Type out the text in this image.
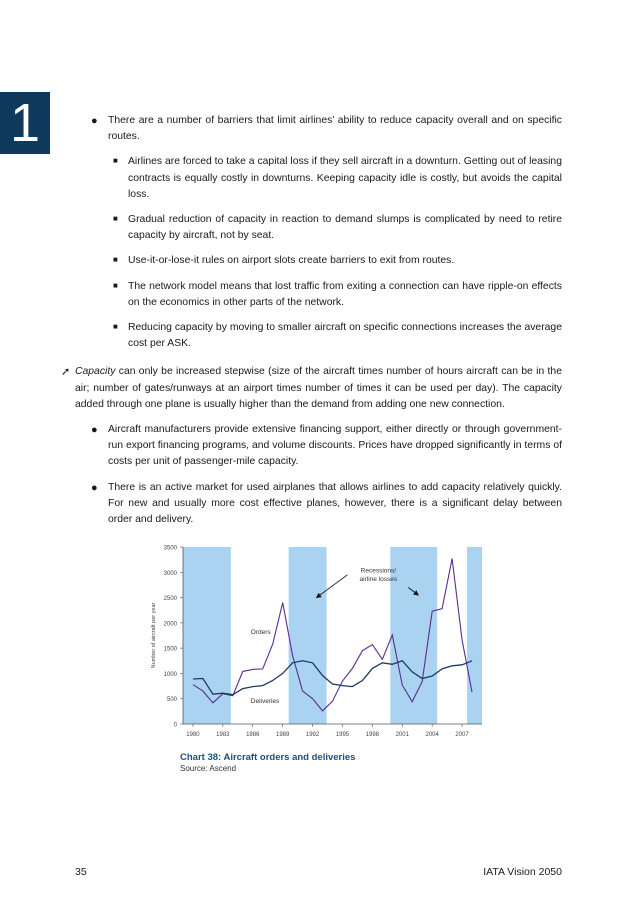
1	● There are a number of barriers that limit airlines’ ability to reduce capacity overall and on specific routes.

■ Airlines are forced to take a capital loss if they sell aircraft in a downturn. Getting out of leasing contracts is equally costly in downturns. Keeping capacity idle is costly, but avoids the capital loss.

■ Gradual reduction of capacity in reaction to demand slumps is complicated by need to retire capacity by aircraft, not by seat.

■ Use-it-or-lose-it rules on airport slots create barriers to exit from routes.

■ The network model means that lost traffic from exiting a connection can have ripple-on effects on the economics in other parts of the network.

■ Reducing capacity by moving to smaller aircraft on specific connections increases the average cost per ASK.

➚ Capacity can only be increased stepwise (size of the aircraft times number of hours aircraft can be in the air; number of gates/runways at an airport times number of times it can be used per day). The capacity added through one plane is usually higher than the demand from adding one new connection.

● Aircraft manufacturers provide extensive financing support, either directly or through government-run export financing programs, and volume discounts. Prices have dropped significantly in terms of costs per unit of passenger-mile capacity.

● There is an active market for used airplanes that allows airlines to add capacity relatively quickly. For new and usually more cost effective planes, however, there is a significant delay between order and delivery.

0
500
1000
1500
2000
2500
3000
3500
1980	1983	1986	1989	1992	1995	1998	2001	2004	2007
Number of aircraft per year	Orders
Deliveries
Recessions/
airline losses
Chart 38: Aircraft orders and deliveries
Source: Ascend
35	IATA Vision 2050
